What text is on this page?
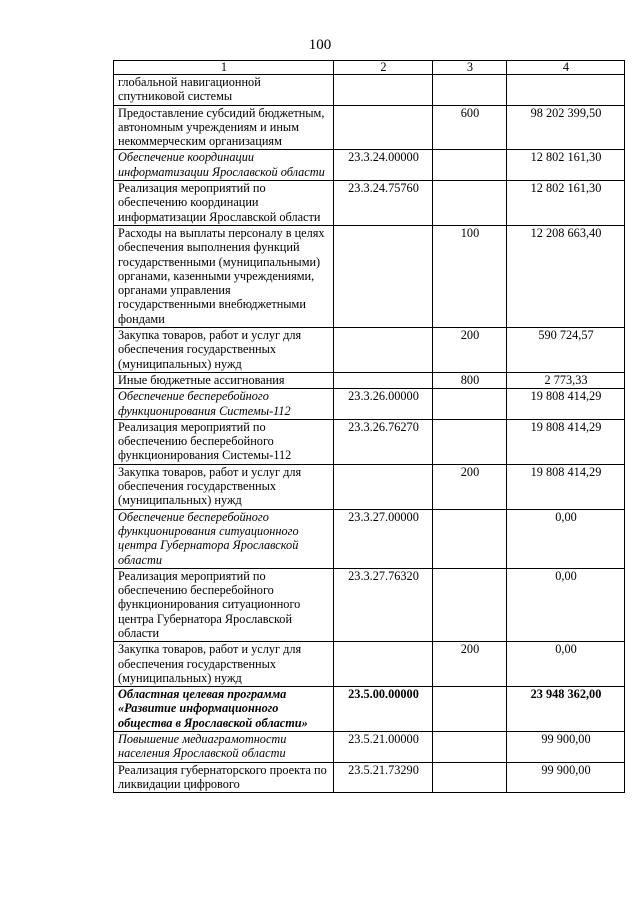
100
1	2	3	4
глобальной навигационной спутниковой системы			
Предоставление субсидий бюджетным, автономным учреждениям и иным некоммерческим организациям		600	98 202 399,50
Обеспечение координации информатизации Ярославской области	23.3.24.00000		12 802 161,30
Реализация мероприятий по обеспечению координации информатизации Ярославской области	23.3.24.75760		12 802 161,30
Расходы на выплаты персоналу в целях обеспечения выполнения функций государственными (муниципальными) органами, казенными учреждениями, органами управления государственными внебюджетными фондами		100	12 208 663,40
Закупка товаров, работ и услуг для обеспечения государственных (муниципальных) нужд		200	590 724,57
Иные бюджетные ассигнования		800	2 773,33
Обеспечение бесперебойного функционирования Системы-112	23.3.26.00000		19 808 414,29
Реализация мероприятий по обеспечению бесперебойного функционирования Системы-112	23.3.26.76270		19 808 414,29
Закупка товаров, работ и услуг для обеспечения государственных (муниципальных) нужд		200	19 808 414,29
Обеспечение бесперебойного функционирования ситуационного центра Губернатора Ярославской области	23.3.27.00000		0,00
Реализация мероприятий по обеспечению бесперебойного функционирования ситуационного центра Губернатора Ярославской области	23.3.27.76320		0,00
Закупка товаров, работ и услуг для обеспечения государственных (муниципальных) нужд		200	0,00
Областная целевая программа «Развитие информационного общества в Ярославской области»	23.5.00.00000		23 948 362,00
Повышение медиаграмотности населения Ярославской области	23.5.21.00000		99 900,00
Реализация губернаторского проекта по ликвидации цифрового	23.5.21.73290		99 900,00
